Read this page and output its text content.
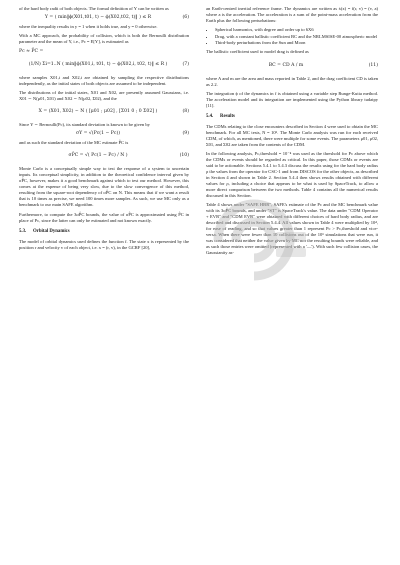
of the hard body radii of both objects. The formal definition of Y can be written as

Y = ( min‖ϕ(X01,t01, t) − ϕ(X02,t02, t)‖ ) ≤ R	(6)

where the inequality results in y = 1 when it holds true, and y = 0 otherwise.

With a MC approach, the probability of collision, which is both the Bernoulli distribution parameter and the mean of Y, i.e., Pc = E[Y], is estimated as

Pc ≈ P̂C =
(1/N) Σi=1..N ( min‖ϕ(X01,i, t01, t) − ϕ(X02,i, t02, t)‖ ≤ R )	(7)

where samples X01,i and X02,i are obtained by sampling the respective distributions independently, as the initial states of both objects are assumed to be independent.

The distributions of the initial states, X01 and X02, are presently assumed Gaussians, i.e. X01 ∼ N(μ01, Σ01) and X02 ∼ N(μ02, Σ02), and the

X = (X01, X02) ∼ N ( [μ01 ; μ02] , [Σ01 0 ; 0 Σ02] )	(8)

Since Y ∼ Bernoulli(Pc), its standard deviation is known to be given by

σY = √(Pc(1 − Pc))	(9)

and as such the standard deviation of the MC estimate P̂C is

σP̂C = √( Pc(1 − Pc) / N )	(10)

Monte Carlo is a conceptually simple way to test the response of a system to uncertain inputs. Its conceptual simplicity, in addition to the theoretical confidence interval given by σP̂C, however, makes it a good benchmark against which to test our method. However, this comes at the expense of being very slow, due to the slow convergence of this method, resulting from the square-root dependency of σP̂C on N. This means that if we want a result that is 10 times as precise, we need 100 times more samples. As such, we use MC only as a benchmark to our main SAFE algorithm.

Furthermore, to compute the 3σP̂C bounds, the value of σP̂C is approximated using P̂C in place of Pc, since the latter can only be estimated and not known exactly.

5.3. Orbital Dynamics

The model of orbital dynamics used defines the function f. The state x is represented by the position r and velocity v of each object, i.e. x = (r, v), in the GCRF [20],

an Earth-centred inertial reference frame. The dynamics are written as ẋ(x) = f(r, v) = (v, a) where a is the acceleration. The acceleration is a sum of the point-mass acceleration from the Earth plus the following perturbations:

• Spherical harmonics, with degree and order up to 6X6
• Drag, with a constant ballistic coefficient BC and the NRLMSISE-00 atmospheric model
• Third-body perturbations from the Sun and Moon

The ballistic coefficient used to model drag is defined as

BC = CD A / m	(11)

where A and m are the area and mass reported in Table 2, and the drag coefficient CD is taken as 2.2.

The integration ϕ of the dynamics in f is obtained using a variable step Runge-Kutta method. The acceleration model and its integration are implemented using the Python library tudatpy [11].

5.4. Results

The CDMs relating to the close encounters described in Section 4 were used to obtain the MC benchmark. For all MC tests, N = 10⁶. The Monte Carlo analysis was run for each received CDM, of which, as mentioned, there were multiple for some events. The parameters μ01, μ02, Σ01, and Σ02 are taken from the contents of the CDM.

In the following analysis, Pc,threshold = 10⁻⁴ was used as the threshold for Pc above which the CDMs or events should be regarded as critical. In this paper, those CDMs or events are said to be actionable. Sections 5.4.1 to 5.4.3 discuss the results using for the hard body radius ρ the values from the operator for CSC-1 and from DISCOS for the other objects, as described in Section 4 and shown in Table 2. Section 5.4.4 then shows results obtained with different values for ρ, including a choice that appears to be what is used by SpaceTrack, to allow a more direct comparison between the two methods. Table 4 contains all the numerical results discussed in this Section.

Table 4 shows under "SAFE HBR", SAFE's estimate of the Pc and the MC benchmark value with its 3σP̂C bounds, and under "ST" is SpaceTrack's value. The data under "CDM Operator + EVR" and "CDM EVR" were obtained with different choices of hard body radius, and are described and discussed in Section 5.4.4. All values shown in Table 4 were multiplied by 10⁴, for ease of reading, and so that values greater than 1 represent Pc > Pc,threshold and vice-versa. When there were fewer than 10 collisions out of the 10⁶ simulations that were run, it was considered that neither the value given by MC nor the resulting bounds were reliable, and as such those entries were omitted (represented with a '—'). With such few collision cases, the Gaussianity as-
